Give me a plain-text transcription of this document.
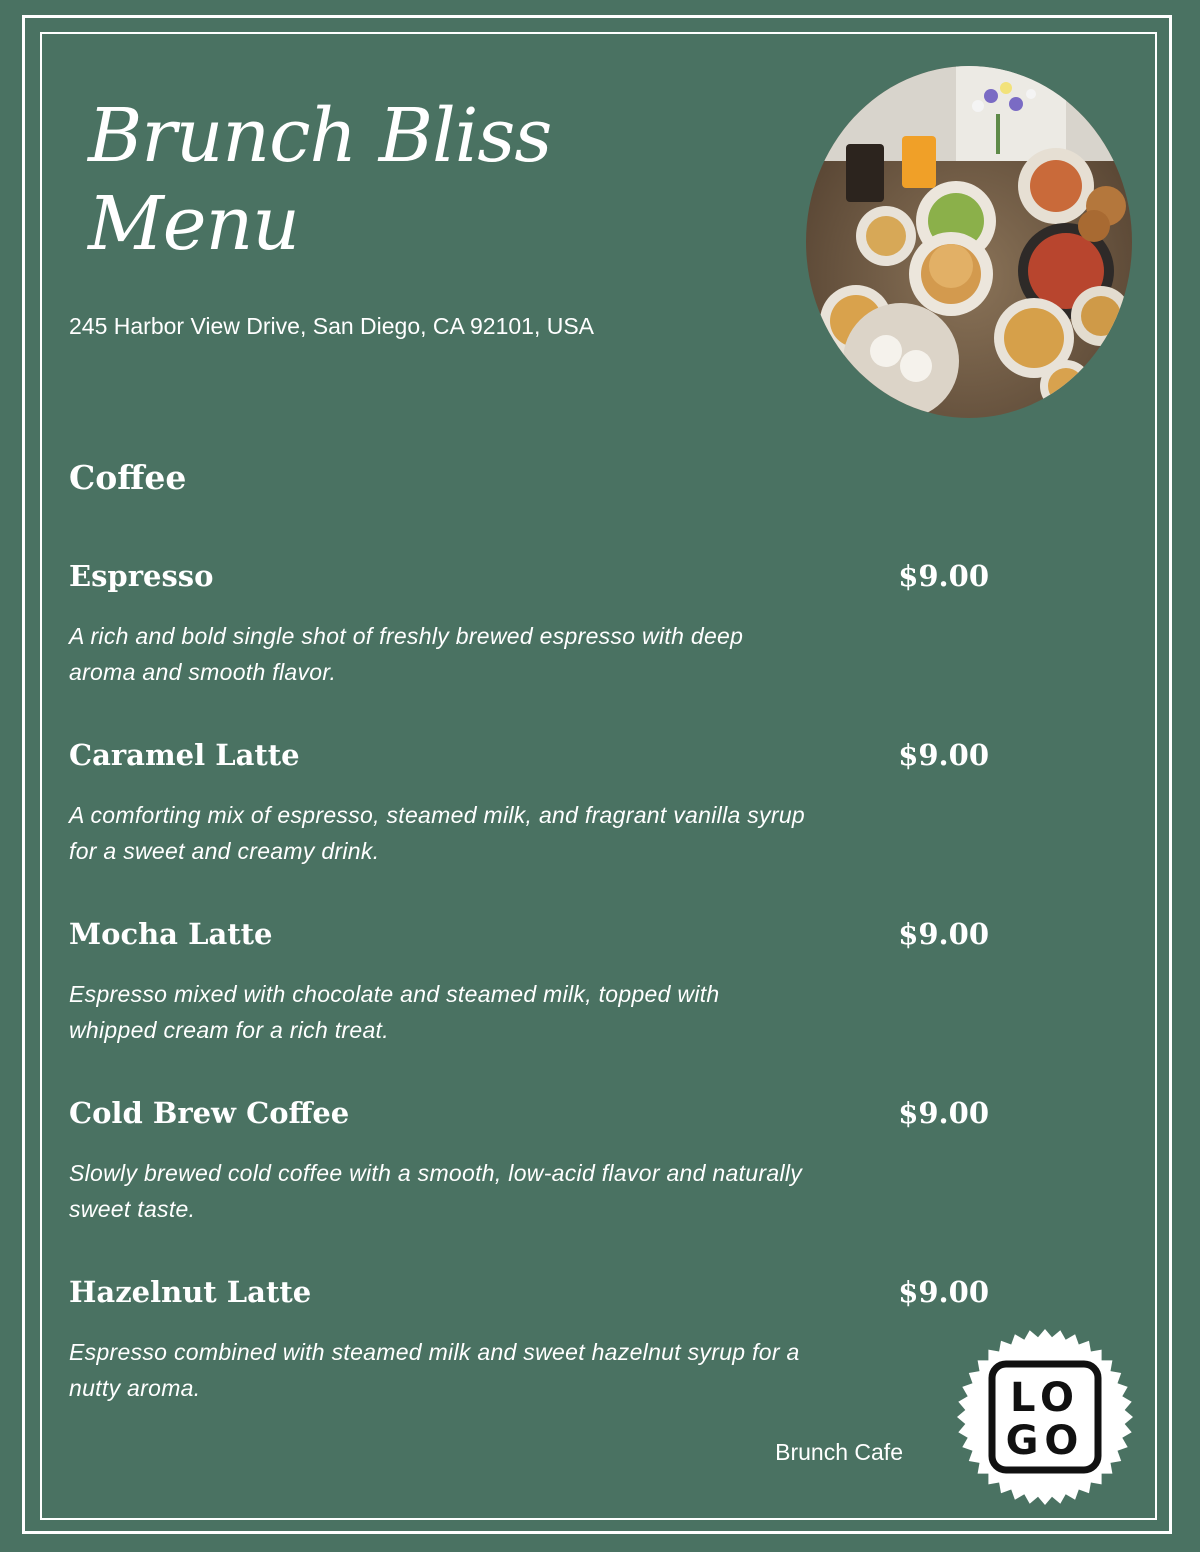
Brunch Bliss
Menu

245 Harbor View Drive, San Diego, CA 92101, USA

Coffee
Espresso	$9.00

A rich and bold single shot of freshly brewed espresso with deep aroma and smooth flavor.

Caramel Latte	$9.00

A comforting mix of espresso, steamed milk, and fragrant vanilla syrup for a sweet and creamy drink.

Mocha Latte	$9.00

Espresso mixed with chocolate and steamed milk, topped with whipped cream for a rich treat.

Cold Brew Coffee	$9.00

Slowly brewed cold coffee with a smooth, low-acid flavor and naturally sweet taste.

Hazelnut Latte	$9.00

Espresso combined with steamed milk and sweet hazelnut syrup for a nutty aroma.

Brunch Cafe

LO
GO
